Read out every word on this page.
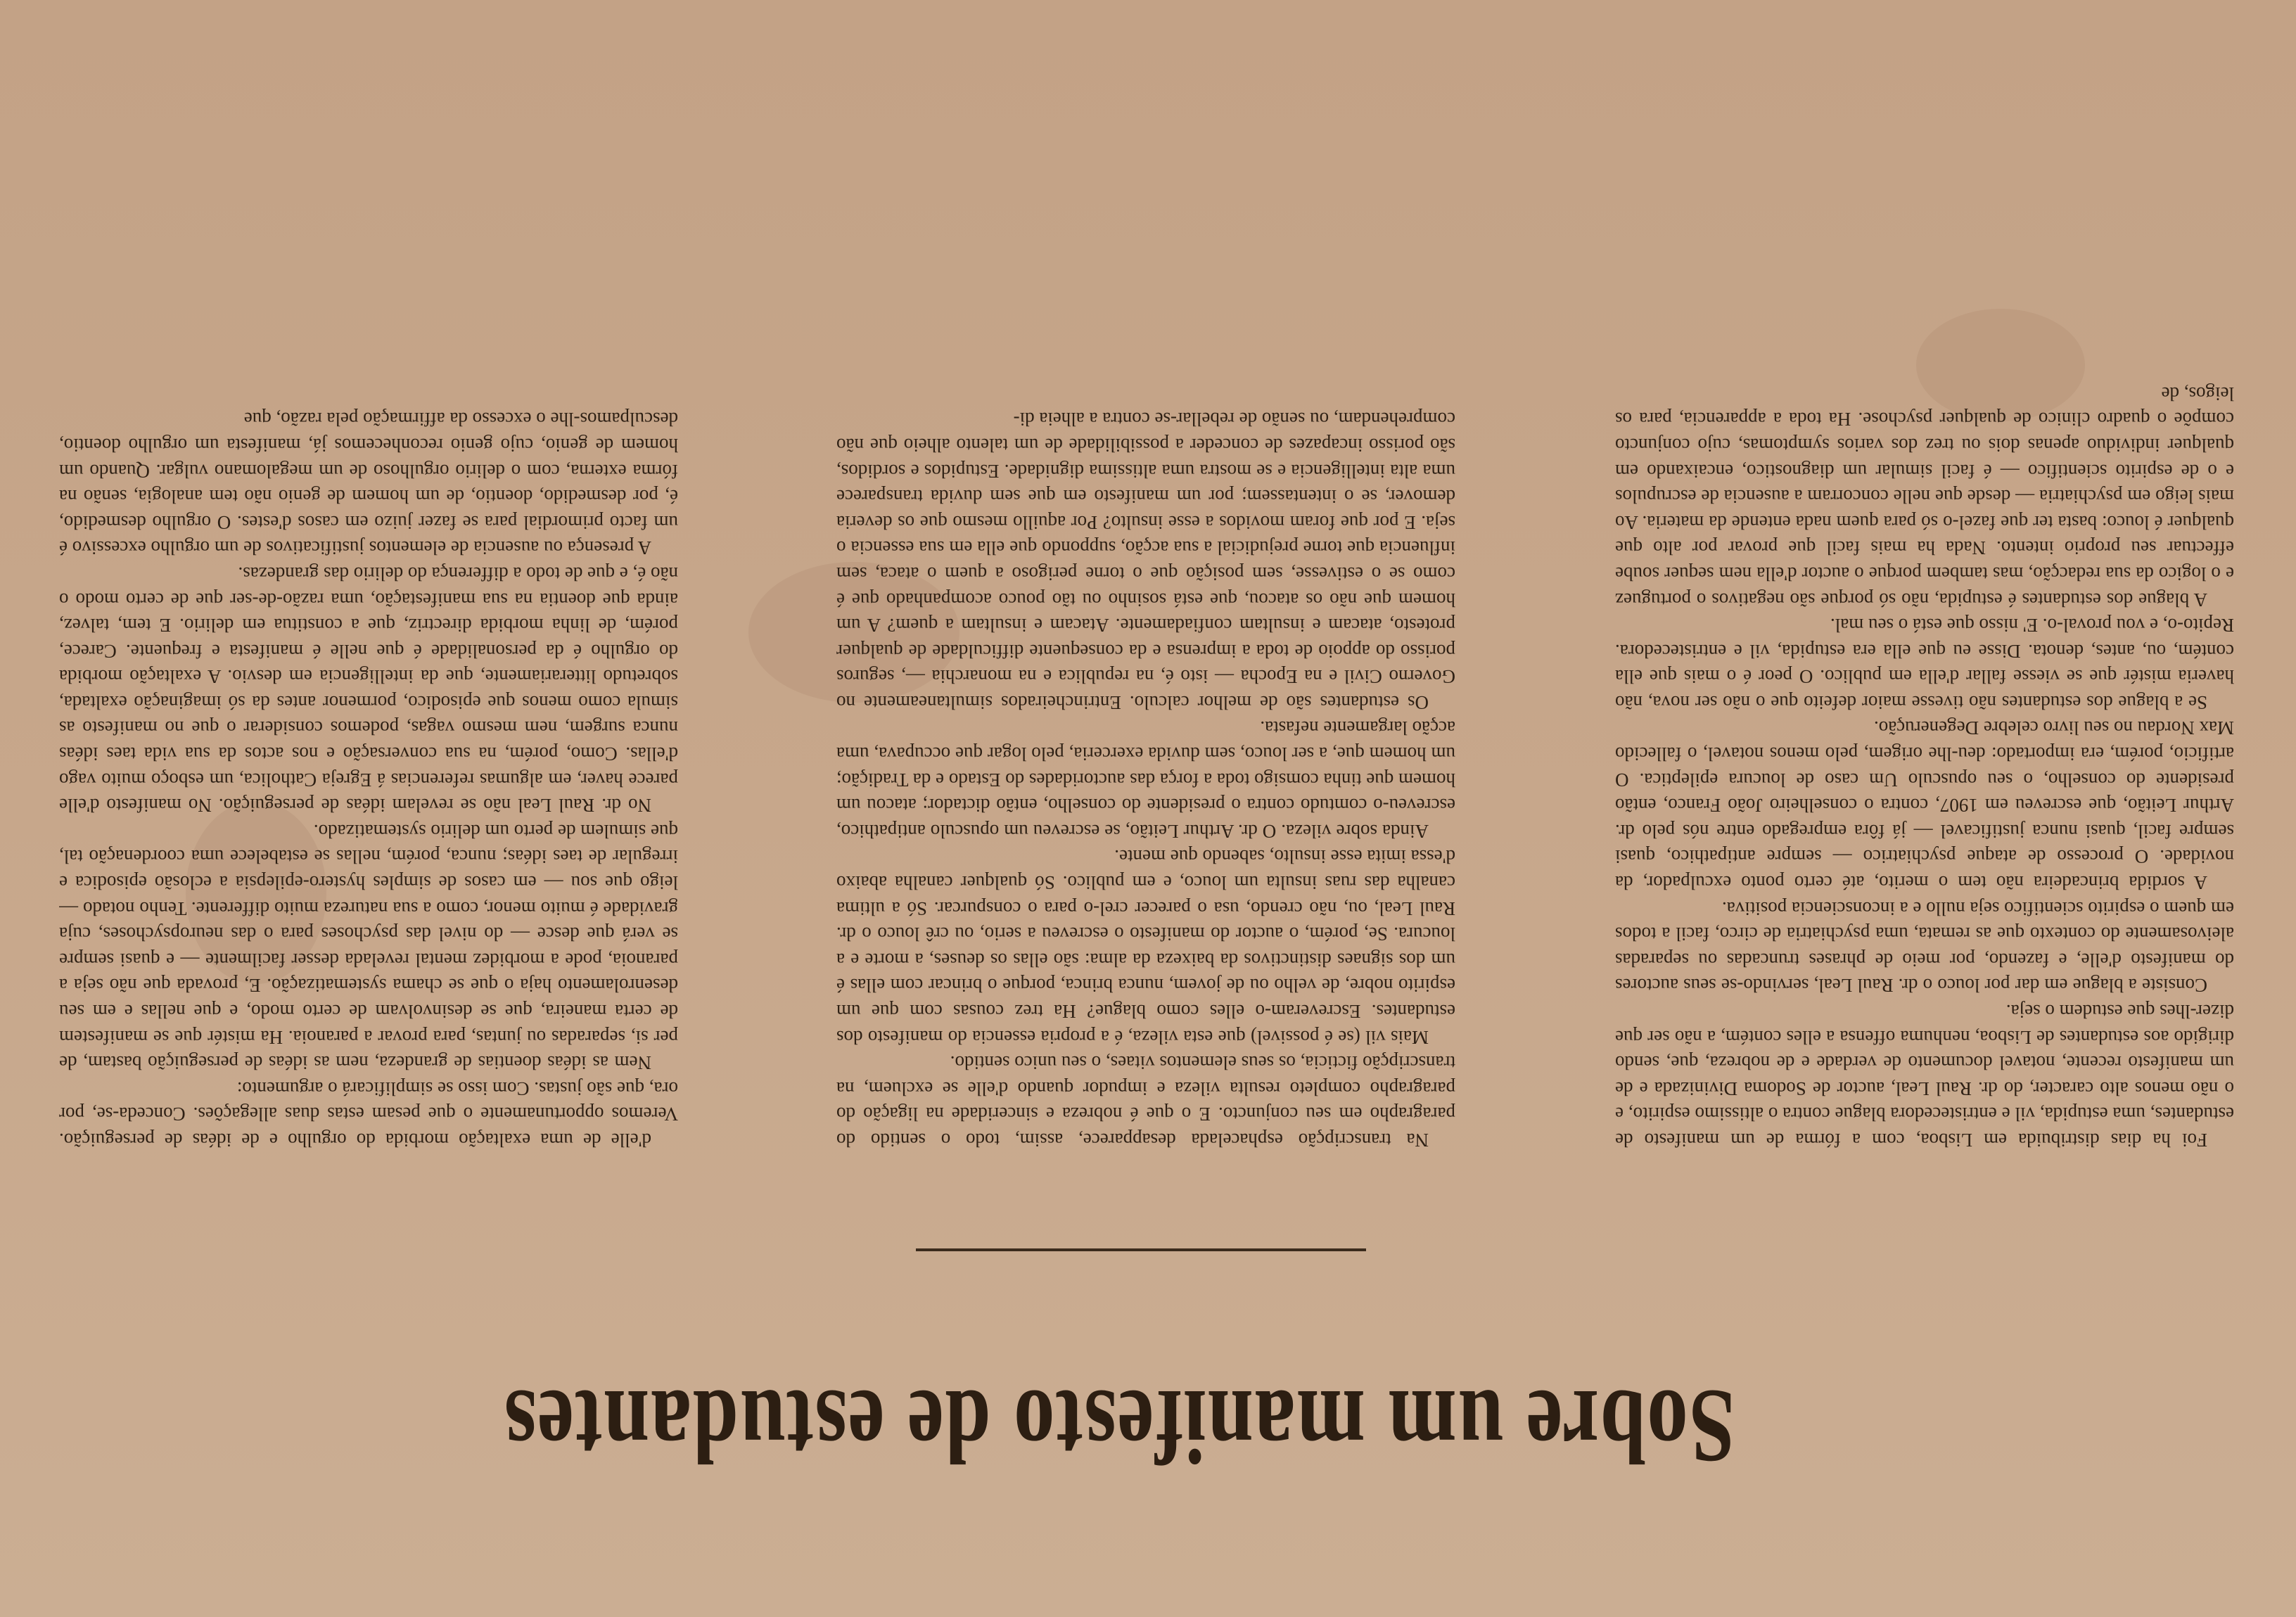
Sobre um manifesto de estudantes

Foi ha dias distribuida em Lisboa, com a fórma de um manifesto de estudantes, uma estupida, vil e entristecedora blague contra o altissimo espirito, e o não menos alto caracter, do dr. Raul Leal, auctor de Sodoma Divinizada e de um manifesto recente, notavel documento de verdade e de nobreza, que, sendo dirigido aos estudantes de Lisboa, nenhuma offensa a elles contém, a não ser que dizer-lhes que estudem o seja.

Consiste a blague em dar por louco o dr. Raul Leal, servindo-se seus auctores do manifesto d'elle, e fazendo, por meio de phrases truncadas ou separadas aleivosamente do contexto que as remata, uma psychiatria de circo, facil a todos em quem o espirito scientifico seja nullo e a inconsciencia positiva.

A sordida brincadeira não tem o merito, até certo ponto exculpador, da novidade. O processo de ataque psychiatrico — sempre antipathico, quasi sempre facil, quasi nunca justificavel — já fôra empregado entre nós pelo dr. Arthur Leitão, que escreveu em 1907, contra o conselheiro João Franco, então presidente do conselho, o seu opusculo Um caso de loucura epileptica. O artificio, porém, era importado: deu-lhe origem, pelo menos notavel, o fallecido Max Nordau no seu livro celebre Degenerução.

Se a blague dos estudantes não tivesse maior defeito que o não ser nova, não haveria mistér que se viesse fallar d'ella em publico. O peor é o mais que ella contém, ou, antes, denota. Disse eu que ella era estupida, vil e entristecedora. Repito-o, e vou proval-o. E' nisso que está o seu mal.

A blague dos estudantes é estupida, não só porque são negativos o portuguez e o logico da sua redacção, mas tambem porque o auctor d'ella nem sequer soube effectuar seu proprio intento. Nada ha mais facil que provar por alto que qualquer é louco: basta ter que fazel-o só para quem nada entende da materia. Ao mais leigo em psychiatria — desde que nelle concorram a ausencia de escrupulos e o de espirito scientifico — é facil simular um diagnostico, encaixando em qualquer individuo apenas dois ou trez dos varios symptomas, cujo conjuncto compõe o quadro clinico de qualquer psychose. Ha toda a apparencia, para os leigos, de

Na transcripção esphacelada desapparece, assim, todo o sentido do paragrapho em seu conjuncto. E o que é nobreza e sinceridade na ligação do paragrapho completo resulta vileza e impudor quando d'elle se excluem, na transcripção ficticia, os seus elementos vitaes, o seu unico sentido.

Mais vil (se é possivel) que esta vileza, é a propria essencia do manifesto dos estudantes. Escreveram-o elles como blague? Ha trez cousas com que um espirito nobre, de velho ou de jovem, nunca brinca, porque o brincar com ellas é um dos signaes distinctivos da baixeza da alma: são ellas os deuses, a morte e a loucura. Se, porém, o auctor do manifesto o escreveu a serio, ou crê louco o dr. Raul Leal, ou, não crendo, usa o parecer crel-o para o conspurcar. Só a ultima canalha das ruas insulta um louco, e em publico. Só qualquer canalha abaixo d'essa imita esse insulto, sabendo que mente.

Ainda sobre vileza. O dr. Arthur Leitão, se escreveu um opusculo antipathico, escreveu-o comtudo contra o presidente do conselho, então dictador; atacou um homem que tinha comsigo toda a força das auctoridades do Estado e da Tradição; um homem que, a ser louco, sem duvida exerceria, pelo logar que occupava, uma acção largamente nefasta.

Os estudantes são de melhor calculo. Entrincheirados simultaneamente no Governo Civil e na Epocha — isto é, na republica e na monarchia —, seguros porisso do appoio de toda a imprensa e da consequente difficuldade de qualquer protesto, atacam e insultam confiadamente. Atacam e insultam a quem? A um homem que não os atacou, que está sosinho ou tão pouco acompanhado que é como se o estivesse, sem posição que o torne perigoso a quem o ataca, sem influencia que torne prejudicial a sua acção, suppondo que ella em sua essencia o seja. E por que foram movidos a esse insulto? Por aquillo mesmo que os deveria demover, se o intentassem; por um manifesto em que sem duvida transparece uma alta intelligencia e se mostra uma altissima dignidade. Estupidos e sordidos, são porisso incapazes de conceder a possibilidade de um talento alheio que não comprehendam, ou senão de rebellar-se contra a alheia di-

d'elle de uma exaltação morbida do orgulho e de idéas de perseguição. Veremos opportunamente o que pesam estas duas allegações. Conceda-se, por ora, que são justas. Com isso se simplificará o argumento:

Nem as idéas doentias de grandeza, nem as idéas de perseguição bastam, de per si, separadas ou juntas, para provar a paranoia. Ha mistér que se manifestem de certa maneira, que se desinvolvam de certo modo, e que nellas e em seu desenrolamento haja o que se chama systematização. E, provada que não seja a paranoia, pode a morbidez mental revelada desser facilmente — e quasi sempre se verá que desce — do nivel das psychoses para o das neuropsychoses, cuja gravidade é muito menor, como a sua natureza muito differente. Tenho notado — leigo que sou — em casos de simples hystero-epilepsia a eclosão episodica e irregular de taes idéas; nunca, porém, nellas se estabelece uma coordenação tal, que simulem de perto um delirio systematizado.

No dr. Raul Leal não se revelam idéas de perseguição. No manifesto d'elle parece haver, em algumas referencias á Egreja Catholica, um esboço muito vago d'ellas. Como, porém, na sua conversação e nos actos da sua vida taes idéas nunca surgem, nem mesmo vagas, podemos considerar o que no manifesto as simula como menos que episodico, pormenor antes da só imaginação exaltada, sobretudo litterariamente, que da intelligencia em desvio. A exaltação morbida do orgulho é da personalidade é que nelle é manifesta e frequente. Carece, porém, de linha morbida directriz, que a constitua em delirio. E tem, talvez, ainda que doentia na sua manifestação, uma razão-de-ser que de certo modo o não é, e que de todo a differença do delirio das grandezas.

A presença ou ausencia de elementos justificativos de um orgulho excessivo é um facto primordial para se fazer juizo em casos d'estes. O orgulho desmedido, é, por desmedido, doentio, de um homem de genio não tem analogia, senão na fórma externa, com o delirio orgulhoso de um megalomano vulgar. Quando um homem de genio, cujo genio reconhecemos já, manifesta um orgulho doentio, desculpamos-lhe o excesso da affirmação pela razão, que
